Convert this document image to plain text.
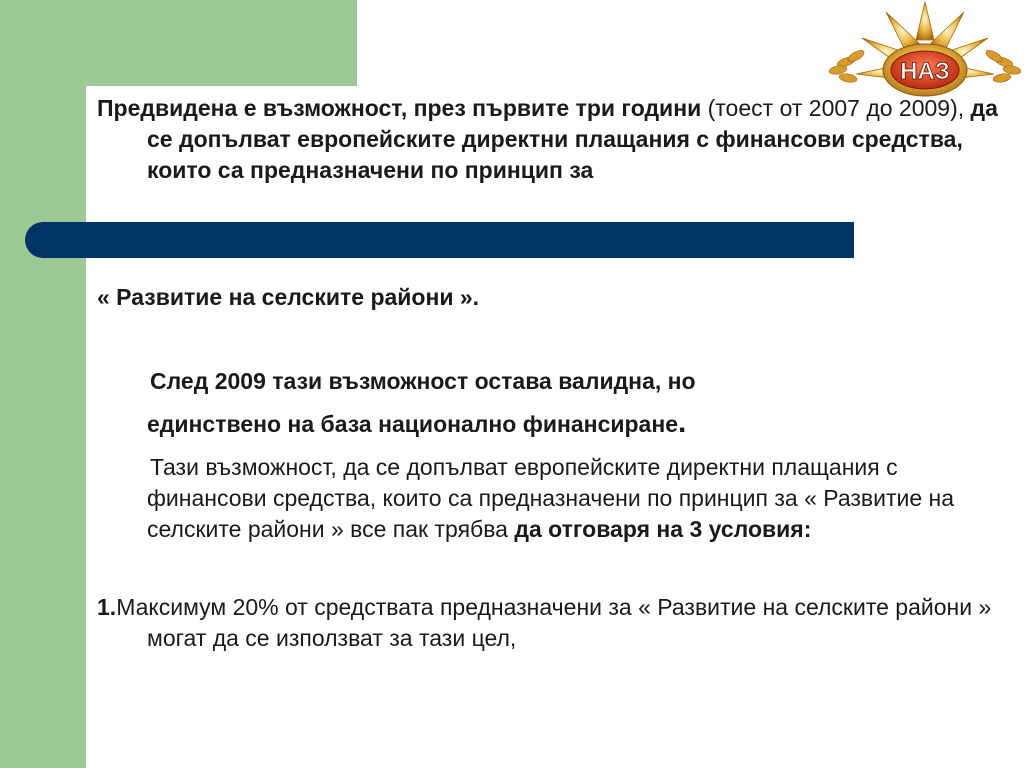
НАЗ
Предвидена е възможност, през първите три години (тоест от 2007 до 2009), да се допълват европейските директни плащания с финансови средства, които са предназначени по принцип за
« Развитие на селските райони ».
След 2009 тази възможност остава валидна, но
единствено на база национално финансиране.
Тази възможност, да се допълват европейските директни плащания с финансови средства, които са предназначени по принцип за « Развитие на селските райони » все пак трябва да отговаря на 3 условия:
1.Максимум 20% от средствата предназначени за « Развитие на селските райони » могат да се използват за тази цел,
